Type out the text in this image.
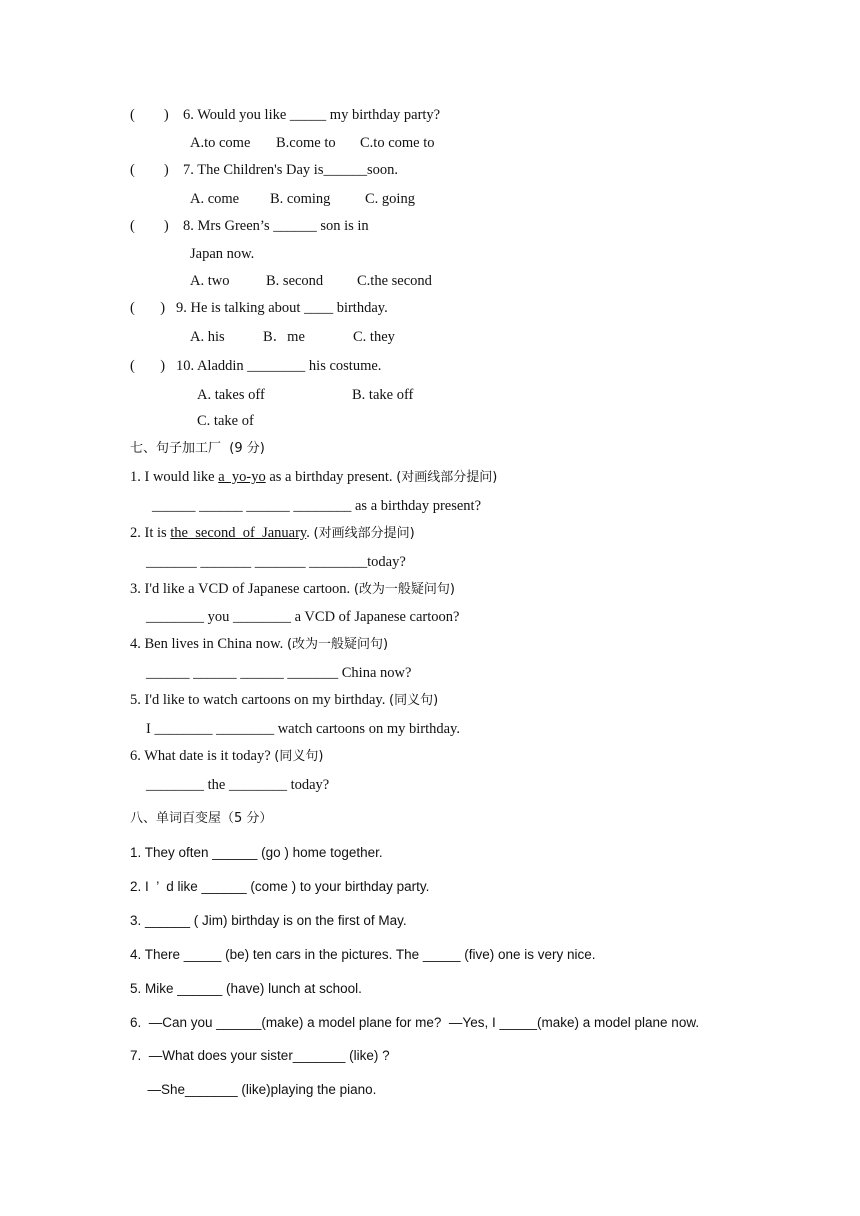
(        ) 6. Would you like _____ my birthday party?
A.to come B.come to C.to come to
(        ) 7. The Children's Day is______soon.
A. come B. coming C. going
(        ) 8. Mrs Green’s ______ son is in
Japan now.
A. two	B. second C.the second
(       ) 9. He is talking about ____ birthday.
A. his	B．me	C. they
(       ) 10. Aladdin ________ his costume.
A. takes off	B. take off
C. take of
七、句子加工厂  (9 分)
1. I would like a  yo-yo as a birthday present. (对画线部分提问)
______ ______ ______ ________ as a birthday present?
2. It is the  second  of  January. (对画线部分提问)
_______ _______ _______ ________today?
3. I'd like a VCD of Japanese cartoon. (改为一般疑问句)
________ you ________ a VCD of Japanese cartoon?
4. Ben lives in China now. (改为一般疑问句)
______ ______ ______ _______ China now?
5. I'd like to watch cartoons on my birthday. (同义句)
I ________ ________ watch cartoons on my birthday.
6. What date is it today? (同义句)
________ the ________ today?
八、单词百变屋（5 分）
1. They often ______ (go ) home together.
2. I  ’  d like ______ (come ) to your birthday party.
3. ______ ( Jim) birthday is on the first of May.
4. There _____ (be) ten cars in the pictures. The _____ (five) one is very nice.
5. Mike ______ (have) lunch at school.
6.  —Can you ______(make) a model plane for me?  —Yes, I _____(make) a model plane now.
7.  —What does your sister_______ (like) ?
—She_______ (like)playing the piano.
